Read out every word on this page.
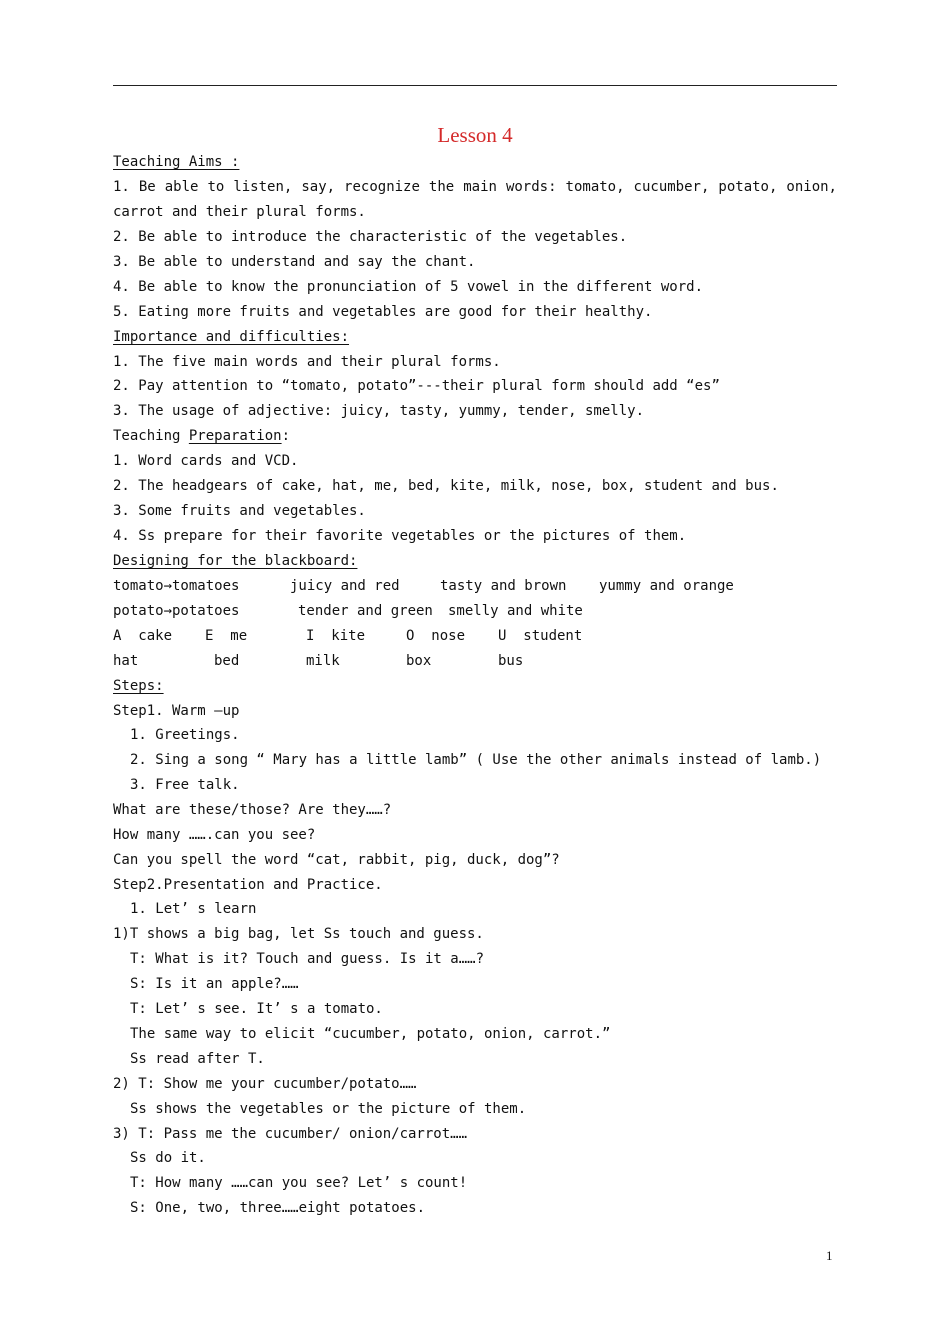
Lesson 4
Teaching Aims :
1. Be able to listen, say, recognize the main words: tomato, cucumber, potato, onion,
carrot and their plural forms.
2. Be able to introduce the characteristic of the vegetables.
3. Be able to understand and say the chant.
4. Be able to know the pronunciation of 5 vowel in the different word.
5. Eating more fruits and vegetables are good for their healthy.
Importance and difficulties:
1. The five main words and their plural forms.
2. Pay attention to “tomato, potato”---their plural form should add “es”
3. The usage of adjective: juicy, tasty, yummy, tender, smelly.
Teaching Preparation:
1. Word cards and VCD.
2. The headgears of cake, hat, me, bed, kite, milk, nose, box, student and bus.
3. Some fruits and vegetables.
4. Ss prepare for their favorite vegetables or the pictures of them.
Designing for the blackboard:
tomato→tomatoes	juicy and red	tasty and brown yummy and orange
potato→potatoes	tender and green smelly and white
A  cake E  me	I  kite	O  nose U  student
hat	bed	milk	box	bus
Steps:
Step1. Warm –up
1. Greetings.
2. Sing a song “ Mary has a little lamb” ( Use the other animals instead of lamb.)
3. Free talk.
What are these/those? Are they……?
How many …….can you see?
Can you spell the word “cat, rabbit, pig, duck, dog”?
Step2.Presentation and Practice.
1. Let’ s learn
1)T shows a big bag, let Ss touch and guess.
T: What is it? Touch and guess. Is it a……?
S: Is it an apple?……
T: Let’ s see. It’ s a tomato.
The same way to elicit “cucumber, potato, onion, carrot.”
Ss read after T.
2) T: Show me your cucumber/potato……
Ss shows the vegetables or the picture of them.
3) T: Pass me the cucumber/ onion/carrot……
Ss do it.
T: How many ……can you see? Let’ s count!
S: One, two, three……eight potatoes.
1
